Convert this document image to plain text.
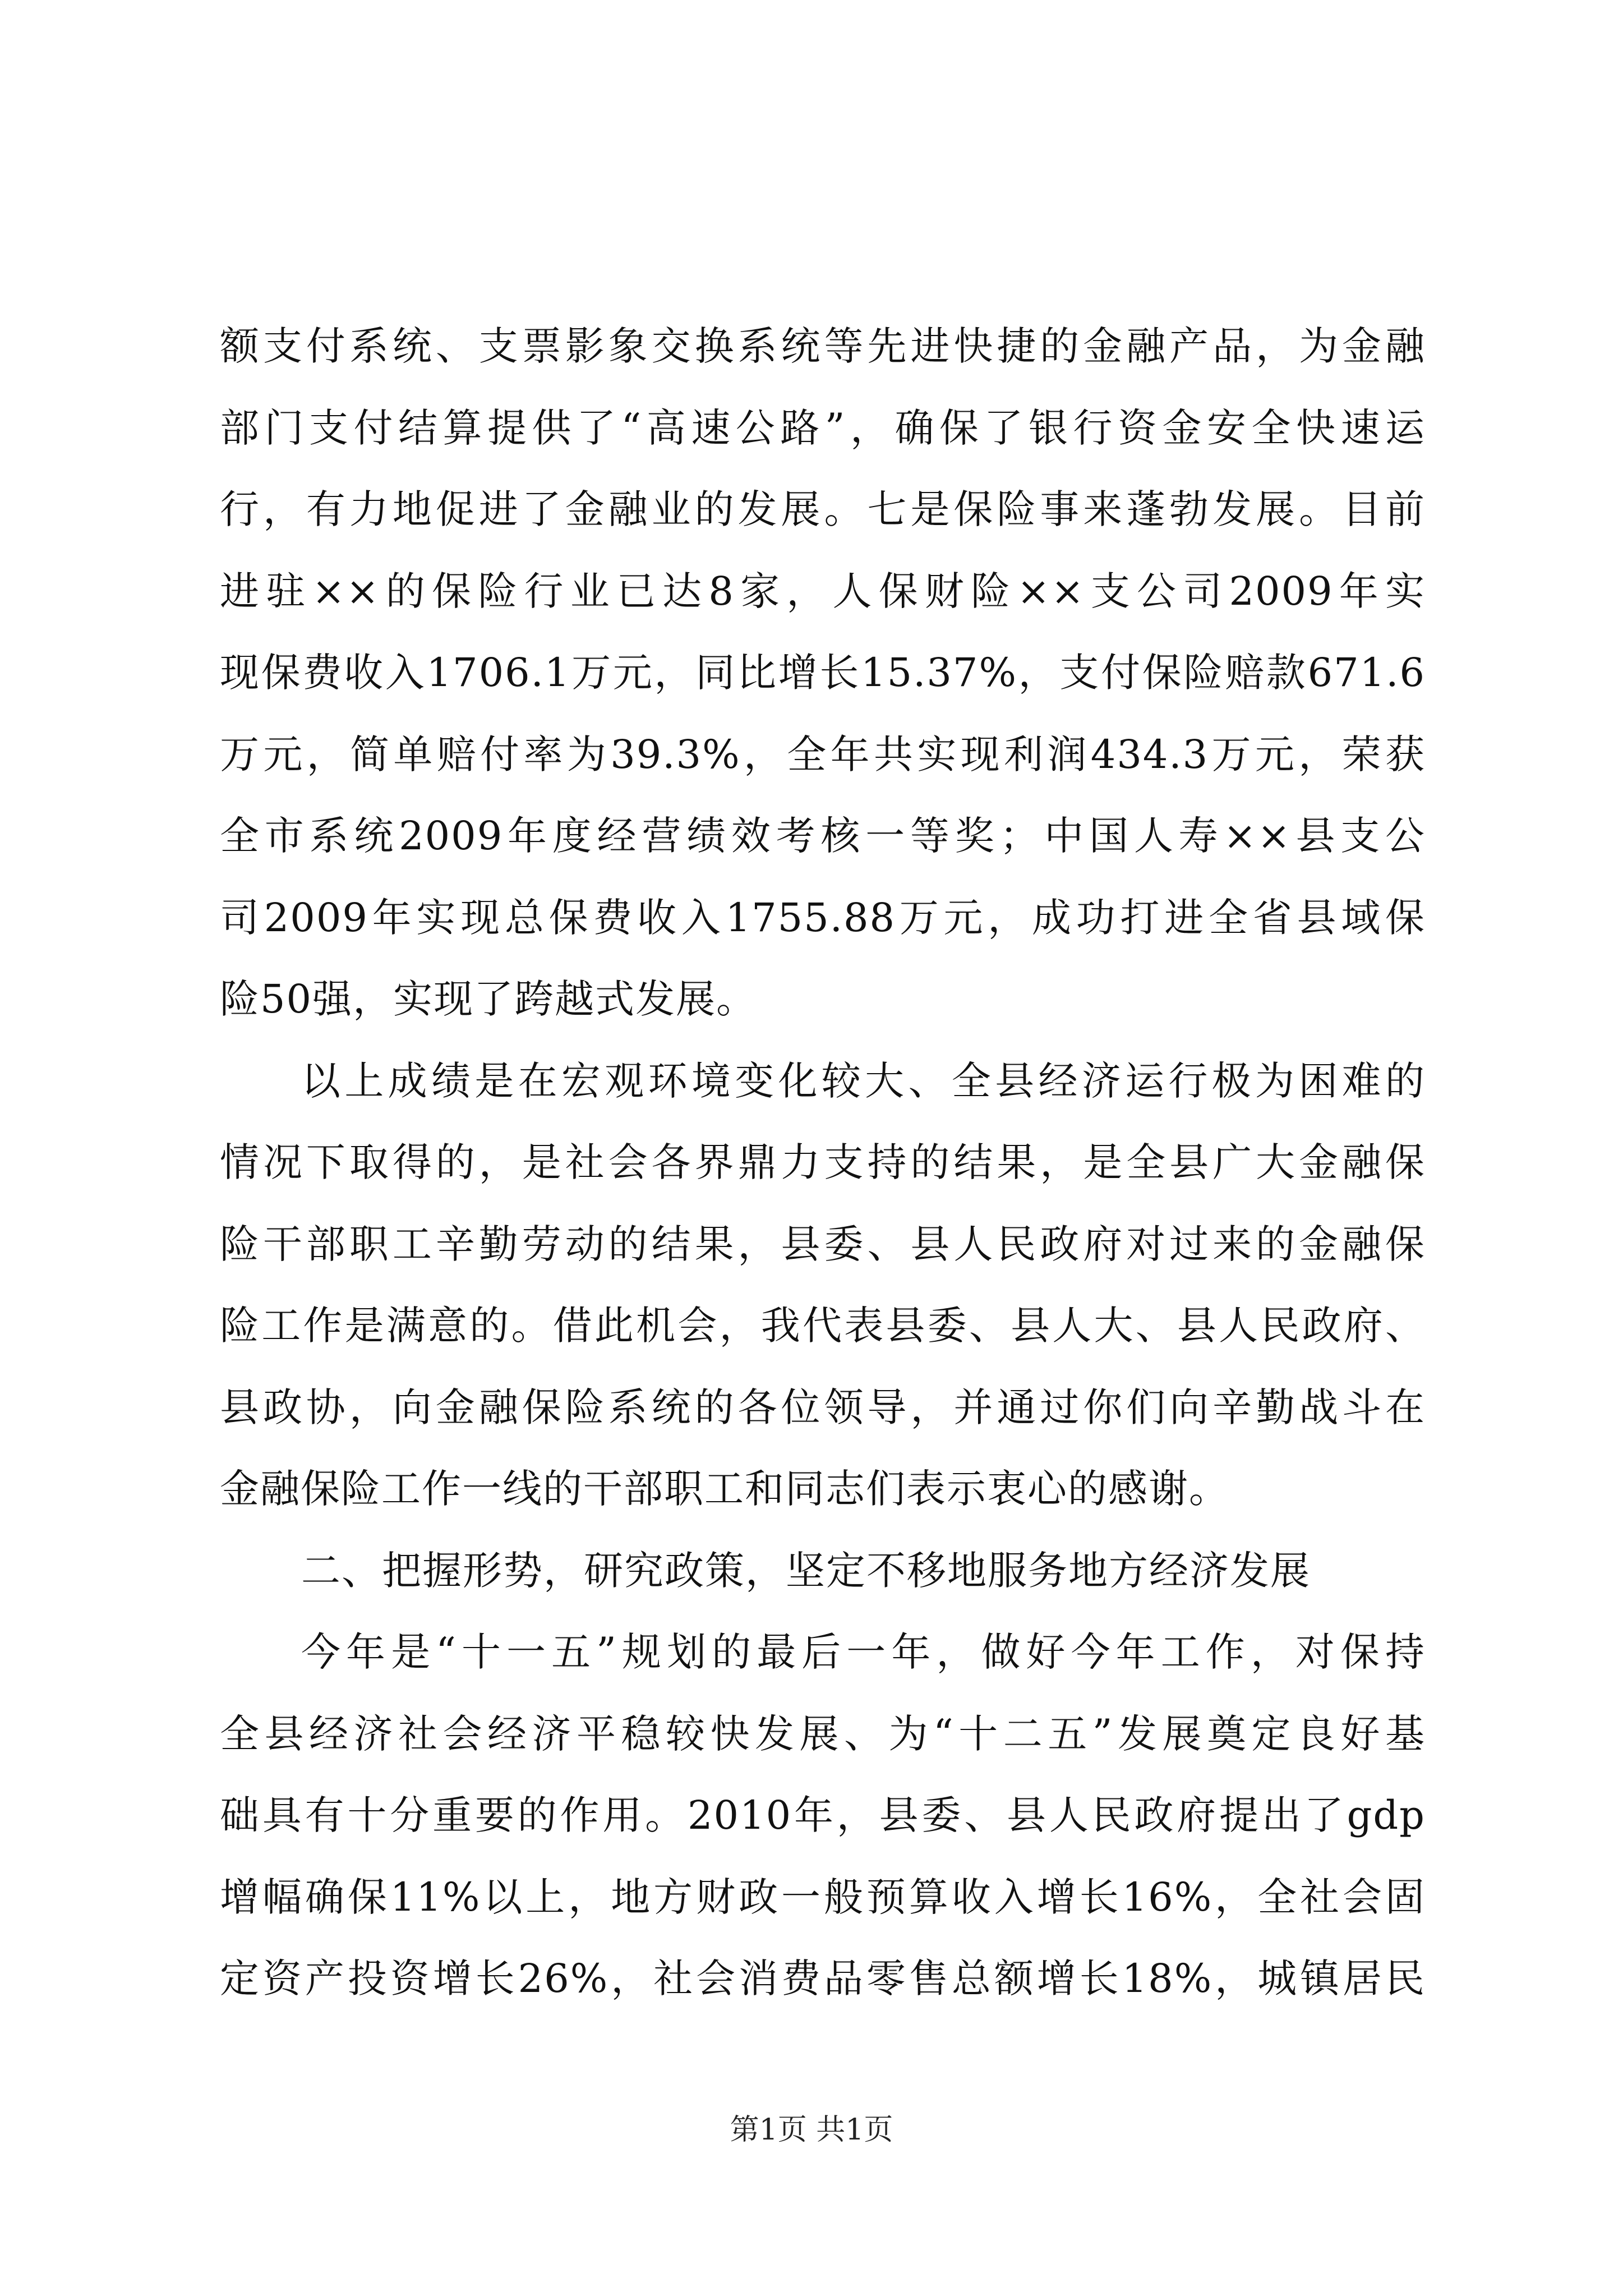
额支付系统、支票影象交换系统等先进快捷的金融产品，为金融
部门支付结算提供了“高速公路”，确保了银行资金安全快速运
行，有力地促进了金融业的发展。七是保险事来蓬勃发展。目前
进驻××的保险行业已达8家，人保财险××支公司2009年实
现保费收入1706.1万元，同比增长15.37%，支付保险赔款671.6
万元，简单赔付率为39.3%，全年共实现利润434.3万元，荣获
全市系统2009年度经营绩效考核一等奖；中国人寿××县支公
司2009年实现总保费收入1755.88万元，成功打进全省县域保
险50强，实现了跨越式发展。
以上成绩是在宏观环境变化较大、全县经济运行极为困难的
情况下取得的，是社会各界鼎力支持的结果，是全县广大金融保
险干部职工辛勤劳动的结果，县委、县人民政府对过来的金融保
险工作是满意的。借此机会，我代表县委、县人大、县人民政府、
县政协，向金融保险系统的各位领导，并通过你们向辛勤战斗在
金融保险工作一线的干部职工和同志们表示衷心的感谢。
二、把握形势，研究政策，坚定不移地服务地方经济发展
今年是“十一五”规划的最后一年，做好今年工作，对保持
全县经济社会经济平稳较快发展、为“十二五”发展奠定良好基
础具有十分重要的作用。2010年，县委、县人民政府提出了gdp
增幅确保11%以上，地方财政一般预算收入增长16%，全社会固
定资产投资增长26%，社会消费品零售总额增长18%，城镇居民
第1页 共1页
